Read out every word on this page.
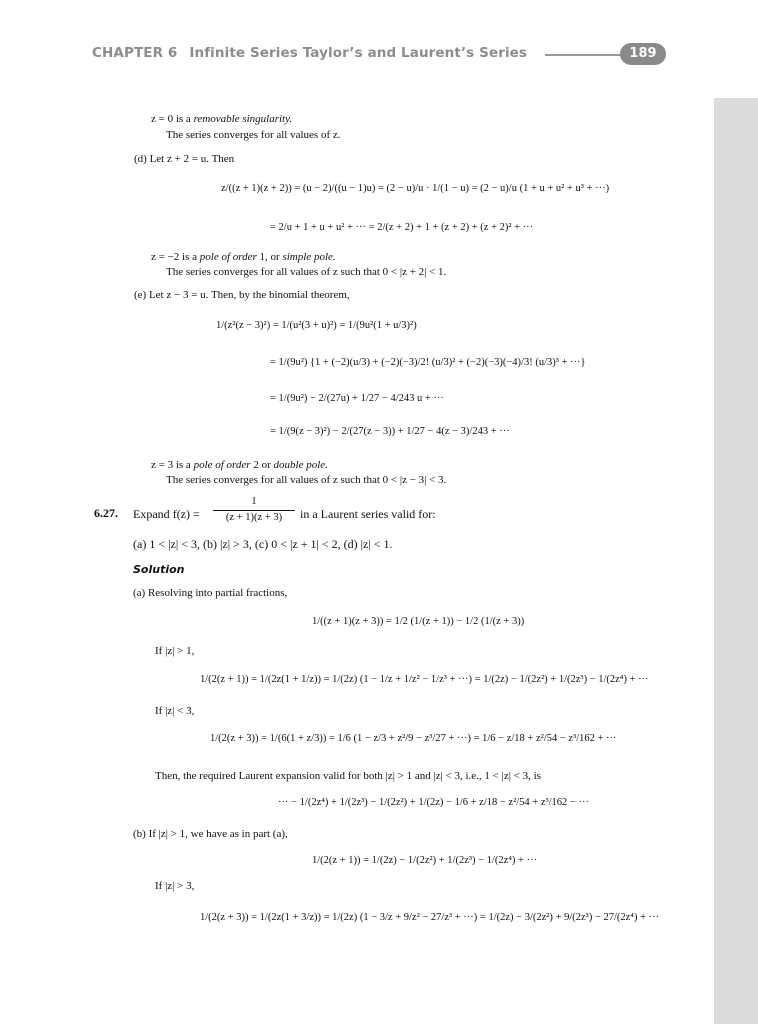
CHAPTER 6 Infinite Series Taylor’s and Laurent’s Series	189
z = 0 is a removable singularity.
The series converges for all values of z.
(d) Let z + 2 = u. Then
z/((z + 1)(z + 2)) = (u − 2)/((u − 1)u) = (2 − u)/u · 1/(1 − u) = (2 − u)/u (1 + u + u² + u³ + ···)
= 2/u + 1 + u + u² + ··· = 2/(z + 2) + 1 + (z + 2) + (z + 2)² + ···
z = −2 is a pole of order 1, or simple pole.
The series converges for all values of z such that 0 < |z + 2| < 1.
(e) Let z − 3 = u. Then, by the binomial theorem,
1/(z²(z − 3)²) = 1/(u²(3 + u)²) = 1/(9u²(1 + u/3)²)
= 1/(9u²) {1 + (−2)(u/3) + (−2)(−3)/2! (u/3)² + (−2)(−3)(−4)/3! (u/3)³ + ···}
= 1/(9u²) − 2/(27u) + 1/27 − 4/243 u + ···
= 1/(9(z − 3)²) − 2/(27(z − 3)) + 1/27 − 4(z − 3)/243 + ···
z = 3 is a pole of order 2 or double pole.
The series converges for all values of z such that 0 < |z − 3| < 3.
6.27. Expand f(z) =
1
(z + 1)(z + 3)	in a Laurent series valid for:
(a) 1 < |z| < 3, (b) |z| > 3, (c) 0 < |z + 1| < 2, (d) |z| < 1.
Solution
(a) Resolving into partial fractions,
1/((z + 1)(z + 3)) = 1/2 (1/(z + 1)) − 1/2 (1/(z + 3))
If |z| > 1,
1/(2(z + 1)) = 1/(2z(1 + 1/z)) = 1/(2z) (1 − 1/z + 1/z² − 1/z³ + ···) = 1/(2z) − 1/(2z²) + 1/(2z³) − 1/(2z⁴) + ···
If |z| < 3,
1/(2(z + 3)) = 1/(6(1 + z/3)) = 1/6 (1 − z/3 + z²/9 − z³/27 + ···) = 1/6 − z/18 + z²/54 − z³/162 + ···
Then, the required Laurent expansion valid for both |z| > 1 and |z| < 3, i.e., 1 < |z| < 3, is
··· − 1/(2z⁴) + 1/(2z³) − 1/(2z²) + 1/(2z) − 1/6 + z/18 − z²/54 + z³/162 − ···
(b) If |z| > 1, we have as in part (a),
1/(2(z + 1)) = 1/(2z) − 1/(2z²) + 1/(2z³) − 1/(2z⁴) + ···
If |z| > 3,
1/(2(z + 3)) = 1/(2z(1 + 3/z)) = 1/(2z) (1 − 3/z + 9/z² − 27/z³ + ···) = 1/(2z) − 3/(2z²) + 9/(2z³) − 27/(2z⁴) + ···
